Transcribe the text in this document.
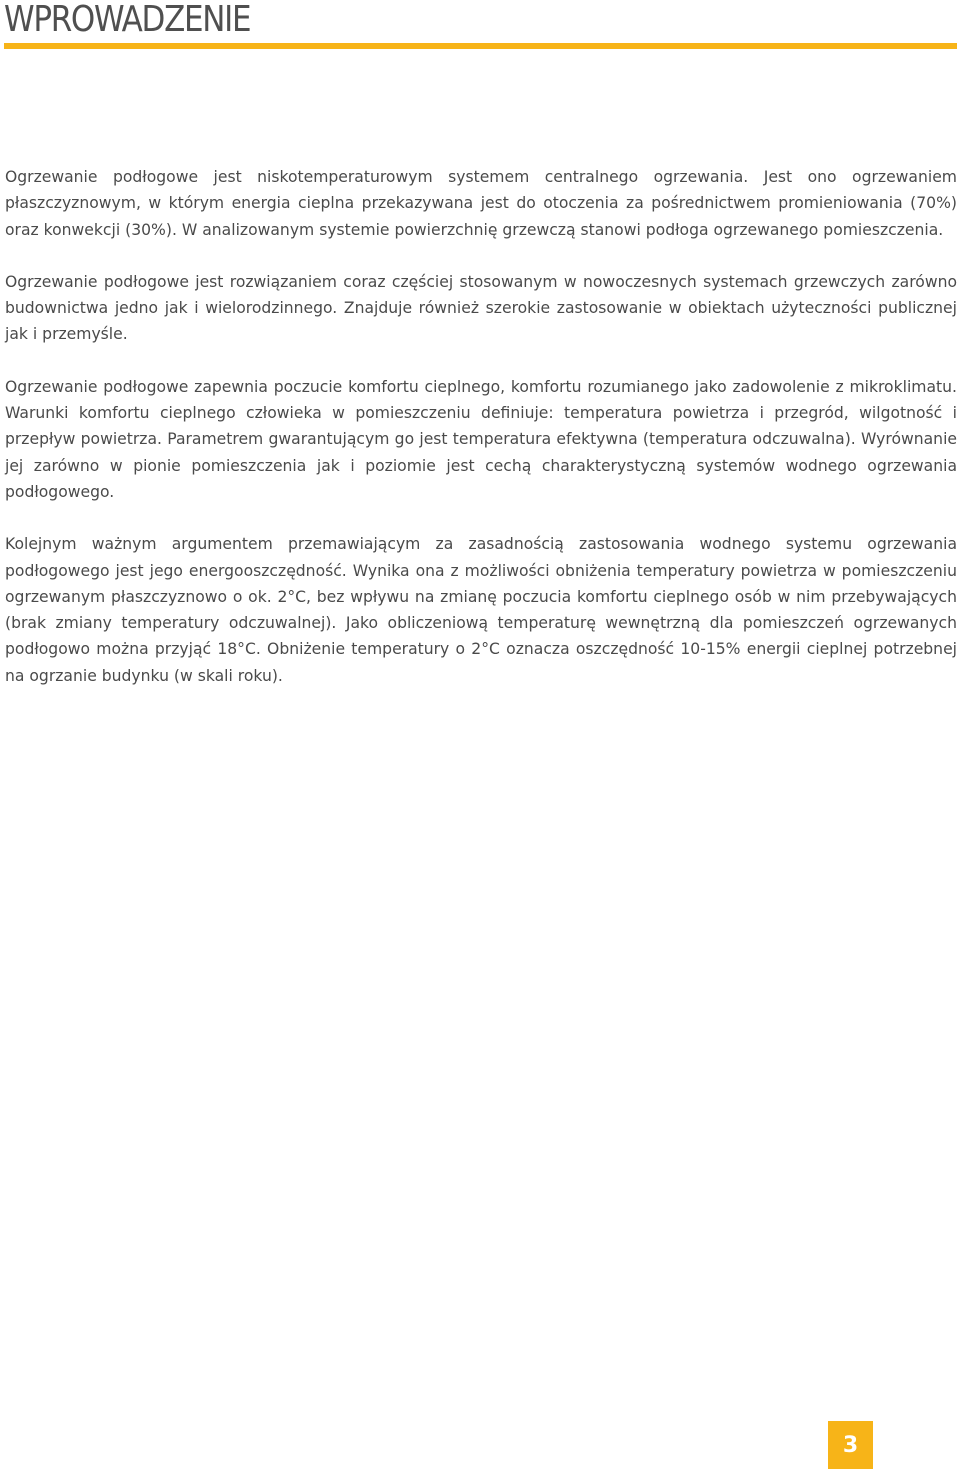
WPROWADZENIE

Ogrzewanie podłogowe jest niskotemperaturowym systemem centralnego ogrzewania. Jest ono ogrzewaniem płaszczyznowym, w którym energia cieplna przekazywana jest do otoczenia za pośrednictwem promieniowania (70%) oraz konwekcji (30%). W analizowanym systemie powierzchnię grzewczą stanowi podłoga ogrzewanego pomieszczenia.

Ogrzewanie podłogowe jest rozwiązaniem coraz częściej stosowanym w nowoczesnych systemach grzewczych zarówno budownictwa jedno jak i wielorodzinnego. Znajduje również szerokie zastosowanie w obiektach użyteczności publicznej jak i przemyśle.

Ogrzewanie podłogowe zapewnia poczucie komfortu cieplnego, komfortu rozumianego jako zadowolenie z mikroklimatu. Warunki komfortu cieplnego człowieka w pomieszczeniu definiuje: temperatura powietrza i przegród, wilgotność i przepływ powietrza. Parametrem gwarantującym go jest temperatura efektywna (temperatura odczuwalna). Wyrównanie jej zarówno w pionie pomieszczenia jak i poziomie jest cechą charakterystyczną systemów wodnego ogrzewania podłogowego.

Kolejnym ważnym argumentem przemawiającym za zasadnością zastosowania wodnego systemu ogrzewania podłogowego jest jego energooszczędność. Wynika ona z możliwości obniżenia temperatury powietrza w pomieszczeniu ogrzewanym płaszczyznowo o ok. 2°C, bez wpływu na zmianę poczucia komfortu cieplnego osób w nim przebywających (brak zmiany temperatury odczuwalnej). Jako obliczeniową temperaturę wewnętrzną dla pomieszczeń ogrzewanych podłogowo można przyjąć 18°C. Obniżenie temperatury o 2°C oznacza oszczędność 10-15% energii cieplnej potrzebnej na ogrzanie budynku (w skali roku).

3
